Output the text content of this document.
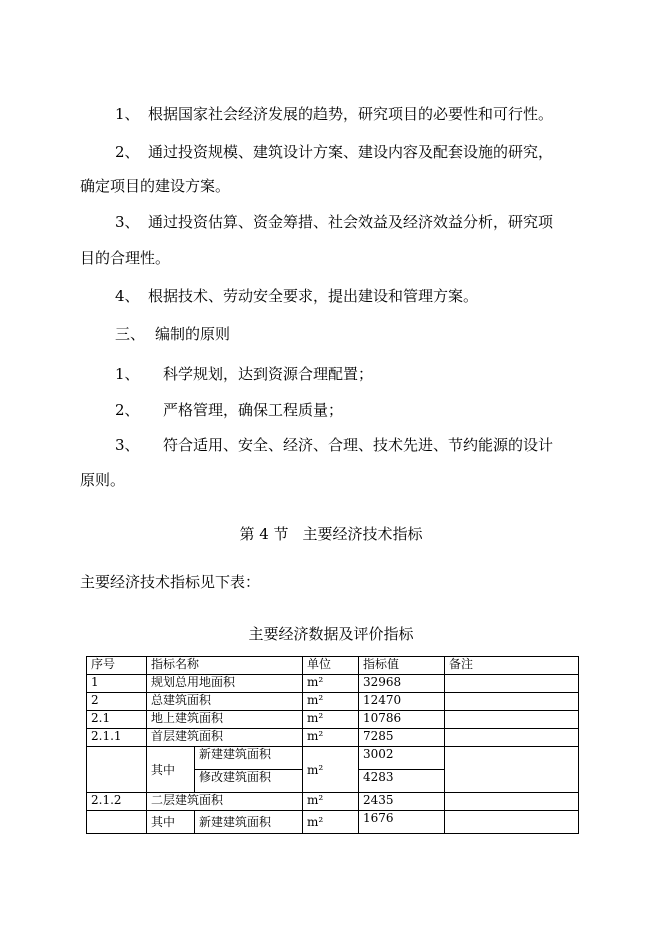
1、 根据国家社会经济发展的趋势，研究项目的必要性和可行性。
2、 通过投资规模、建筑设计方案、建设内容及配套设施的研究，
确定项目的建设方案。
3、 通过投资估算、资金筹措、社会效益及经济效益分析，研究项
目的合理性。
4、 根据技术、劳动安全要求，提出建设和管理方案。
三、 编制的原则
1、 科学规划，达到资源合理配置；
2、 严格管理，确保工程质量；
3、 符合适用、安全、经济、合理、技术先进、节约能源的设计
原则。
第 4 节 主要经济技术指标
主要经济技术指标见下表：
主要经济数据及评价指标
序号	指标名称		单位	指标值	备注
1	规划总用地面积		m²	32968	
2	总建筑面积		m²	12470	
2.1	地上建筑面积		m²	10786	
2.1.1	首层建筑面积		m²	7285	
	其中	新建建筑面积	m²	3002	
		修改建筑面积		4283	
2.1.2	二层建筑面积		m²	2435	
	其中	新建建筑面积	m²	1676	
